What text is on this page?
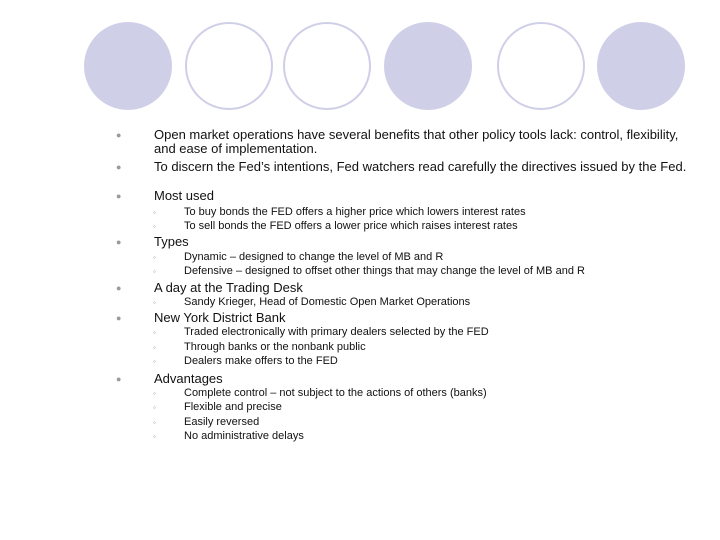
●	Open market operations have several benefits that other policy tools lack: control, flexibility, and ease of implementation.
●	To discern the Fed’s intentions, Fed watchers read carefully the directives issued by the Fed.
●	Most used
◦	To buy bonds the FED offers a higher price which lowers interest rates
◦	To sell bonds the FED offers a lower price which raises interest rates
●	Types
◦	Dynamic – designed to change the level of MB and R
◦	Defensive – designed to offset other things that may change the level of MB and R
●	A day at the Trading Desk
◦	Sandy Krieger, Head of Domestic Open Market Operations
●	New York District Bank
◦	Traded electronically with primary dealers selected by the FED
◦	Through banks or the nonbank public
◦	Dealers make offers to the FED
●	Advantages
◦	Complete control – not subject to the actions of others (banks)
◦	Flexible and precise
◦	Easily reversed
◦	No administrative delays
